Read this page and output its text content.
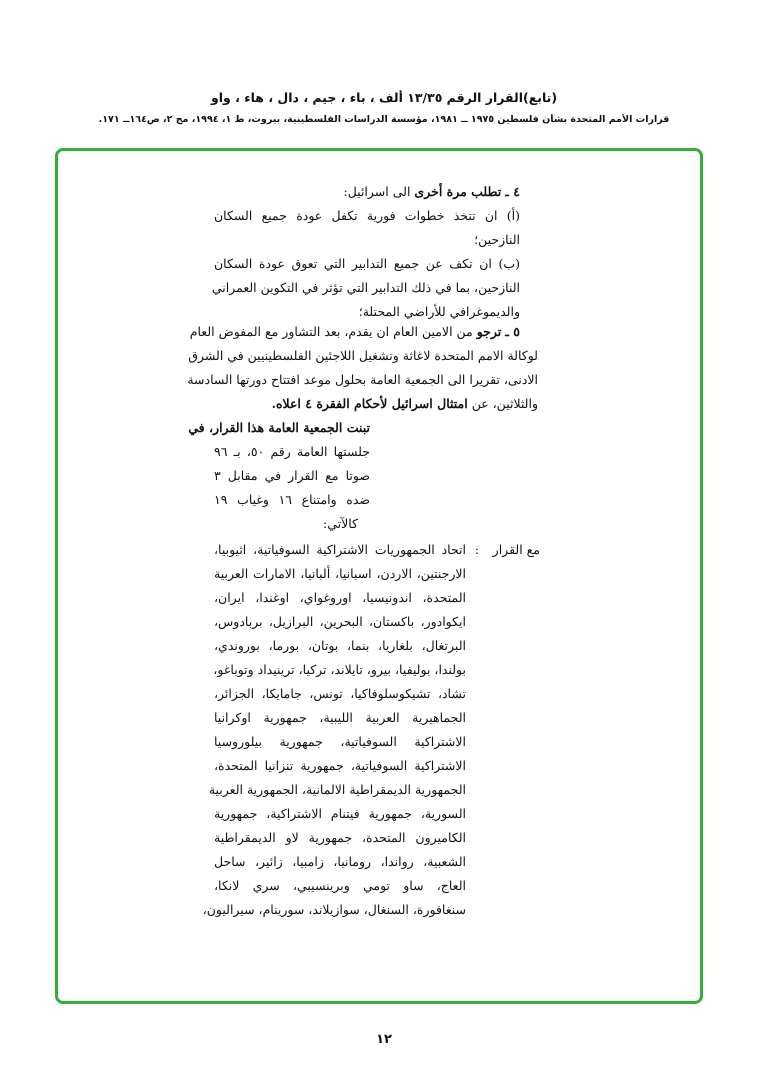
(تابع)القرار الرقم ١٣/٣٥ ألف ، باء ، جيم ، دال ، هاء ، واو
قرارات الأمم المتحدة بشأن فلسطين ١٩٧٥ ــ ١٩٨١، مؤسسة الدراسات الفلسطينية، بيروت، ط ١، ١٩٩٤، مج ٢، ص١٦٤ــ ١٧١.
٤ ـ تطلب مرة أخرى الى اسرائيل:
(أ) ان تتخذ خطوات فورية تكفل عودة جميع السكان
النازحين؛
(ب) ان تكف عن جميع التدابير التي تعوق عودة السكان
النازحين، بما في ذلك التدابير التي تؤثر في التكوين العمراني
والديموغرافي للأراضي المحتلة؛
٥ ـ ترجو من الامين العام ان يقدم، بعد التشاور مع المفوض العام
لوكالة الامم المتحدة لاغاثة وتشغيل اللاجئين الفلسطينيين في الشرق
الادنى، تقريرا الى الجمعية العامة بحلول موعد افتتاح دورتها السادسة
والثلاثين، عن امتثال اسرائيل لأحكام الفقرة ٤ اعلاه.
تبنت الجمعية العامة هذا القرار، في
جلستها العامة رقم ٥٠، بـ ٩٦
صوتا مع القرار في مقابل ٣
ضده وامتناع ١٦ وغياب ١٩
كالآتي:
مع القرار
:
اتحاد الجمهوريات الاشتراكية السوفياتية، اثيوبيا،
الارجنتين، الاردن، اسبانيا، ألبانيا، الامارات العربية
المتحدة، اندونيسيا، اوروغواي، اوغندا، ايران،
ايكوادور، باكستان، البحرين، البرازيل، بربادوس،
البرتغال، بلغاريا، بنما، بوتان، بورما، بوروندي،
بولندا، بوليفيا، بيرو، تايلاند، تركيا، ترينيداد وتوباغو،
تشاد، تشيكوسلوفاكيا، تونس، جامايكا، الجزائر،
الجماهيرية العربية الليبية، جمهورية اوكرانيا
الاشتراكية السوفياتية، جمهورية بيلوروسيا
الاشتراكية السوفياتية، جمهورية تنزانيا المتحدة،
الجمهورية الديمقراطية الالمانية، الجمهورية العربية
السورية، جمهورية فيتنام الاشتراكية، جمهورية
الكاميرون المتحدة، جمهورية لاو الديمقراطية
الشعبية، رواندا، رومانيا، زامبيا، زائير، ساحل
العاج، ساو تومي وبرينسيبي، سري لانكا،
سنغافورة، السنغال، سوازيلاند، سورينام، سيراليون،
١٢
